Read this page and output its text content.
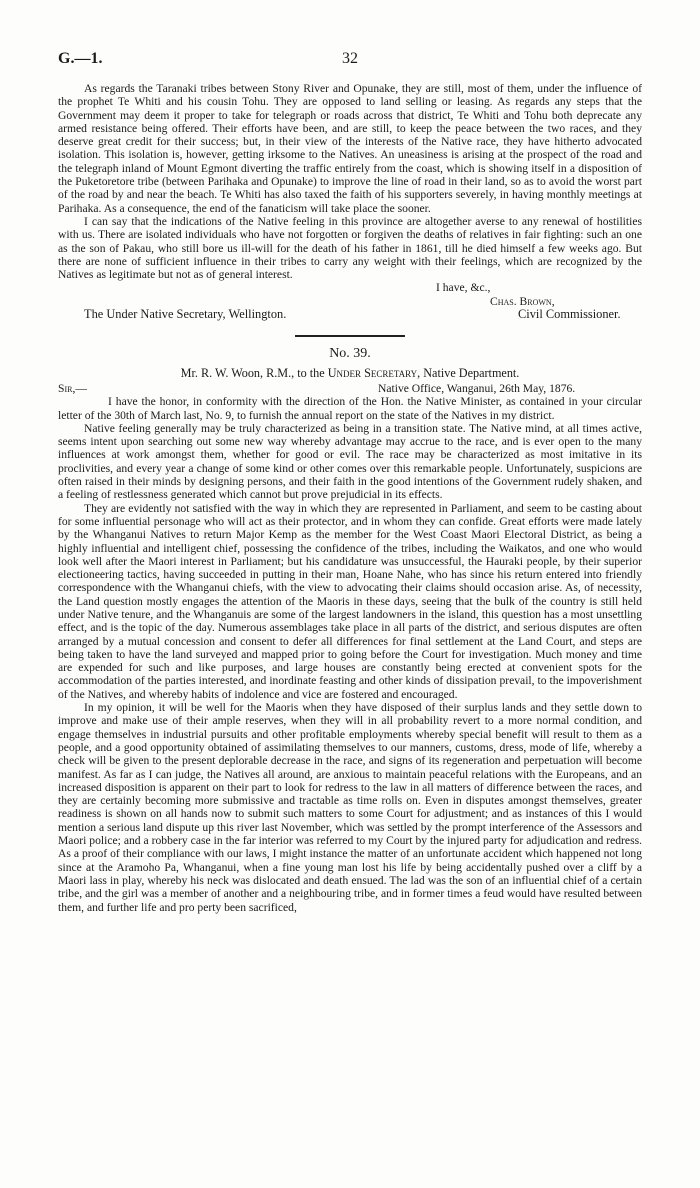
G.—1.	32

As regards the Taranaki tribes between Stony River and Opunake, they are still, most of them, under the influence of the prophet Te Whiti and his cousin Tohu. They are opposed to land selling or leasing. As regards any steps that the Government may deem it proper to take for telegraph or roads across that district, Te Whiti and Tohu both deprecate any armed resistance being offered. Their efforts have been, and are still, to keep the peace between the two races, and they deserve great credit for their success; but, in their view of the interests of the Native race, they have hitherto advocated isolation. This isolation is, however, getting irksome to the Natives. An uneasiness is arising at the prospect of the road and the telegraph inland of Mount Egmont diverting the traffic entirely from the coast, which is showing itself in a disposition of the Puketoretore tribe (between Parihaka and Opunake) to improve the line of road in their land, so as to avoid the worst part of the road by and near the beach. Te Whiti has also taxed the faith of his supporters severely, in having monthly meetings at Parihaka. As a consequence, the end of the fanaticism will take place the sooner.

I can say that the indications of the Native feeling in this province are altogether averse to any renewal of hostilities with us. There are isolated individuals who have not forgotten or forgiven the deaths of relatives in fair fighting: such an one as the son of Pakau, who still bore us ill-will for the death of his father in 1861, till he died himself a few weeks ago. But there are none of sufficient influence in their tribes to carry any weight with their feelings, which are recognized by the Natives as legitimate but not as of general interest.

I have, &c.,
Chas. Brown,
The Under Native Secretary, Wellington.	Civil Commissioner.
No. 39.
Mr. R. W. Woon, R.M., to the Under Secretary, Native Department.
Sir,—	Native Office, Wanganui, 26th May, 1876.

I have the honor, in conformity with the direction of the Hon. the Native Minister, as contained in your circular letter of the 30th of March last, No. 9, to furnish the annual report on the state of the Natives in my district.

Native feeling generally may be truly characterized as being in a transition state. The Native mind, at all times active, seems intent upon searching out some new way whereby advantage may accrue to the race, and is ever open to the many influences at work amongst them, whether for good or evil. The race may be characterized as most imitative in its proclivities, and every year a change of some kind or other comes over this remarkable people. Unfortunately, suspicions are often raised in their minds by designing persons, and their faith in the good intentions of the Government rudely shaken, and a feeling of restlessness generated which cannot but prove prejudicial in its effects.

They are evidently not satisfied with the way in which they are represented in Parliament, and seem to be casting about for some influential personage who will act as their protector, and in whom they can confide. Great efforts were made lately by the Whanganui Natives to return Major Kemp as the member for the West Coast Maori Electoral District, as being a highly influential and intelligent chief, possessing the confidence of the tribes, including the Waikatos, and one who would look well after the Maori interest in Parliament; but his candidature was unsuccessful, the Hauraki people, by their superior electioneering tactics, having succeeded in putting in their man, Hoane Nahe, who has since his return entered into friendly correspondence with the Whanganui chiefs, with the view to advocating their claims should occasion arise. As, of necessity, the Land question mostly engages the attention of the Maoris in these days, seeing that the bulk of the country is still held under Native tenure, and the Whanganuis are some of the largest landowners in the island, this question has a most unsettling effect, and is the topic of the day. Numerous assemblages take place in all parts of the district, and serious disputes are often arranged by a mutual concession and consent to defer all differences for final settlement at the Land Court, and steps are being taken to have the land surveyed and mapped prior to going before the Court for investigation. Much money and time are expended for such and like purposes, and large houses are constantly being erected at convenient spots for the accommodation of the parties interested, and inordinate feasting and other kinds of dissipation prevail, to the impoverishment of the Natives, and whereby habits of indolence and vice are fostered and encouraged.

In my opinion, it will be well for the Maoris when they have disposed of their surplus lands and they settle down to improve and make use of their ample reserves, when they will in all probability revert to a more normal condition, and engage themselves in industrial pursuits and other profitable employments whereby special benefit will result to them as a people, and a good opportunity obtained of assimilating themselves to our manners, customs, dress, mode of life, whereby a check will be given to the present deplorable decrease in the race, and signs of its regeneration and perpetuation will become manifest. As far as I can judge, the Natives all around, are anxious to maintain peaceful relations with the Europeans, and an increased disposition is apparent on their part to look for redress to the law in all matters of difference between the races, and they are certainly becoming more submissive and tractable as time rolls on. Even in disputes amongst themselves, greater readiness is shown on all hands now to submit such matters to some Court for adjustment; and as instances of this I would mention a serious land dispute up this river last November, which was settled by the prompt interference of the Assessors and Maori police; and a robbery case in the far interior was referred to my Court by the injured party for adjudication and redress. As a proof of their compliance with our laws, I might instance the matter of an unfortunate accident which happened not long since at the Aramoho Pa, Whanganui, when a fine young man lost his life by being accidentally pushed over a cliff by a Maori lass in play, whereby his neck was dislocated and death ensued. The lad was the son of an influential chief of a certain tribe, and the girl was a member of another and a neighbouring tribe, and in former times a feud would have resulted between them, and further life and pro perty been sacrificed,
